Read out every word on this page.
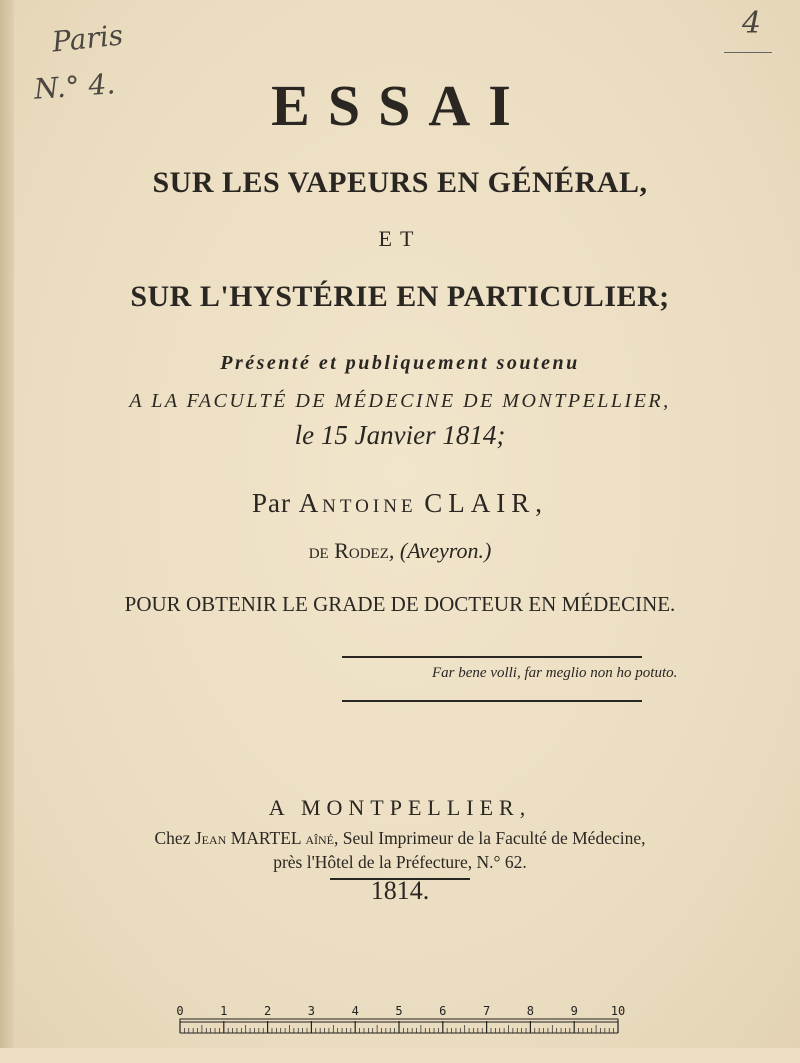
Paris
N.° 4.
4
ESSAI
SUR LES VAPEURS EN GÉNÉRAL,
ET
SUR L'HYSTÉRIE EN PARTICULIER;
Présenté et publiquement soutenu
A LA FACULTÉ DE MÉDECINE DE MONTPELLIER,
le 15 Janvier 1814;
Par Antoine CLAIR,
de Rodez, (Aveyron.)
POUR OBTENIR LE GRADE DE DOCTEUR EN MÉDECINE.
Far bene volli, far meglio non ho potuto.
A MONTPELLIER,
Chez Jean MARTEL aîné, Seul Imprimeur de la Faculté de Médecine,
près l'Hôtel de la Préfecture, N.° 62.
1814.
0	1	2	3	4	5	6	7	8	9	10
